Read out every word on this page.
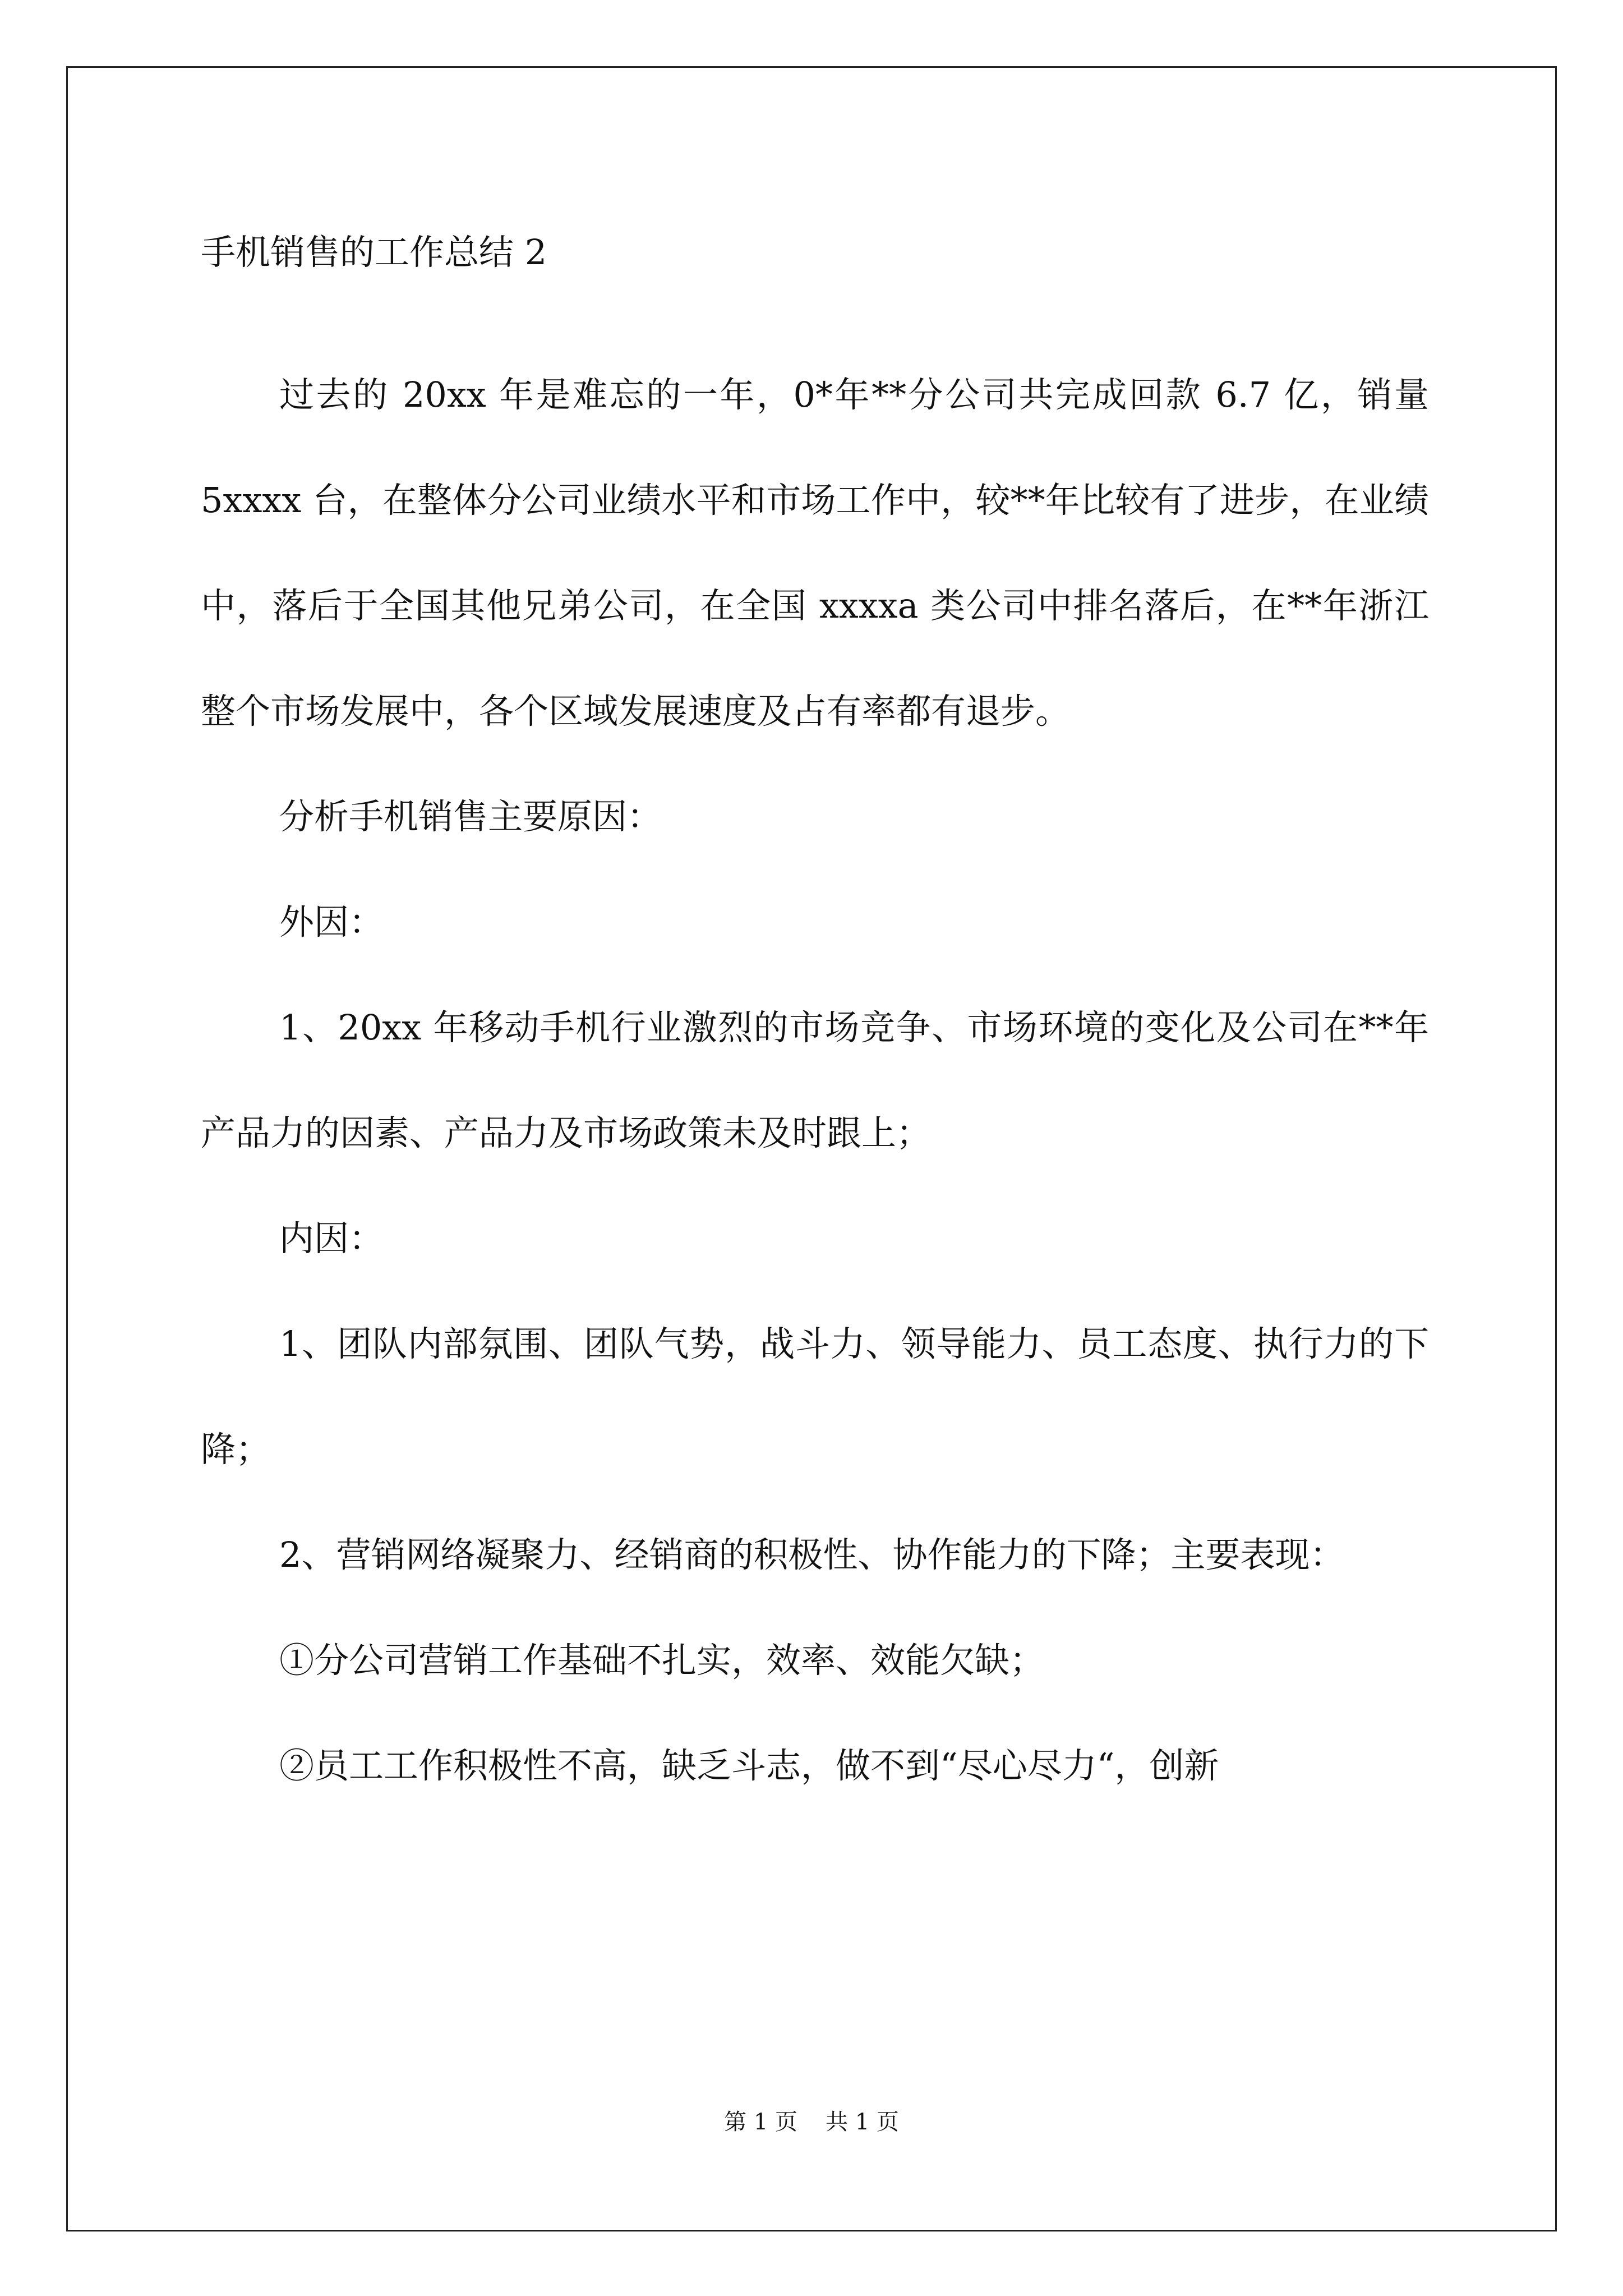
手机销售的工作总结 2

过去的 20xx 年是难忘的一年，0*年**分公司共完成回款 6.7 亿，销量 5xxxx 台，在整体分公司业绩水平和市场工作中，较**年比较有了进步，在业绩中，落后于全国其他兄弟公司，在全国 xxxxa 类公司中排名落后，在**年浙江整个市场发展中，各个区域发展速度及占有率都有退步。

分析手机销售主要原因：

外因：

1、20xx 年移动手机行业激烈的市场竞争、市场环境的变化及公司在**年产品力的因素、产品力及市场政策未及时跟上；

内因：

1、团队内部氛围、团队气势，战斗力、领导能力、员工态度、执行力的下降；

2、营销网络凝聚力、经销商的积极性、协作能力的下降；主要表现：

①分公司营销工作基础不扎实，效率、效能欠缺；

②员工工作积极性不高，缺乏斗志，做不到“尽心尽力“，创新

第 1 页 共 1 页
